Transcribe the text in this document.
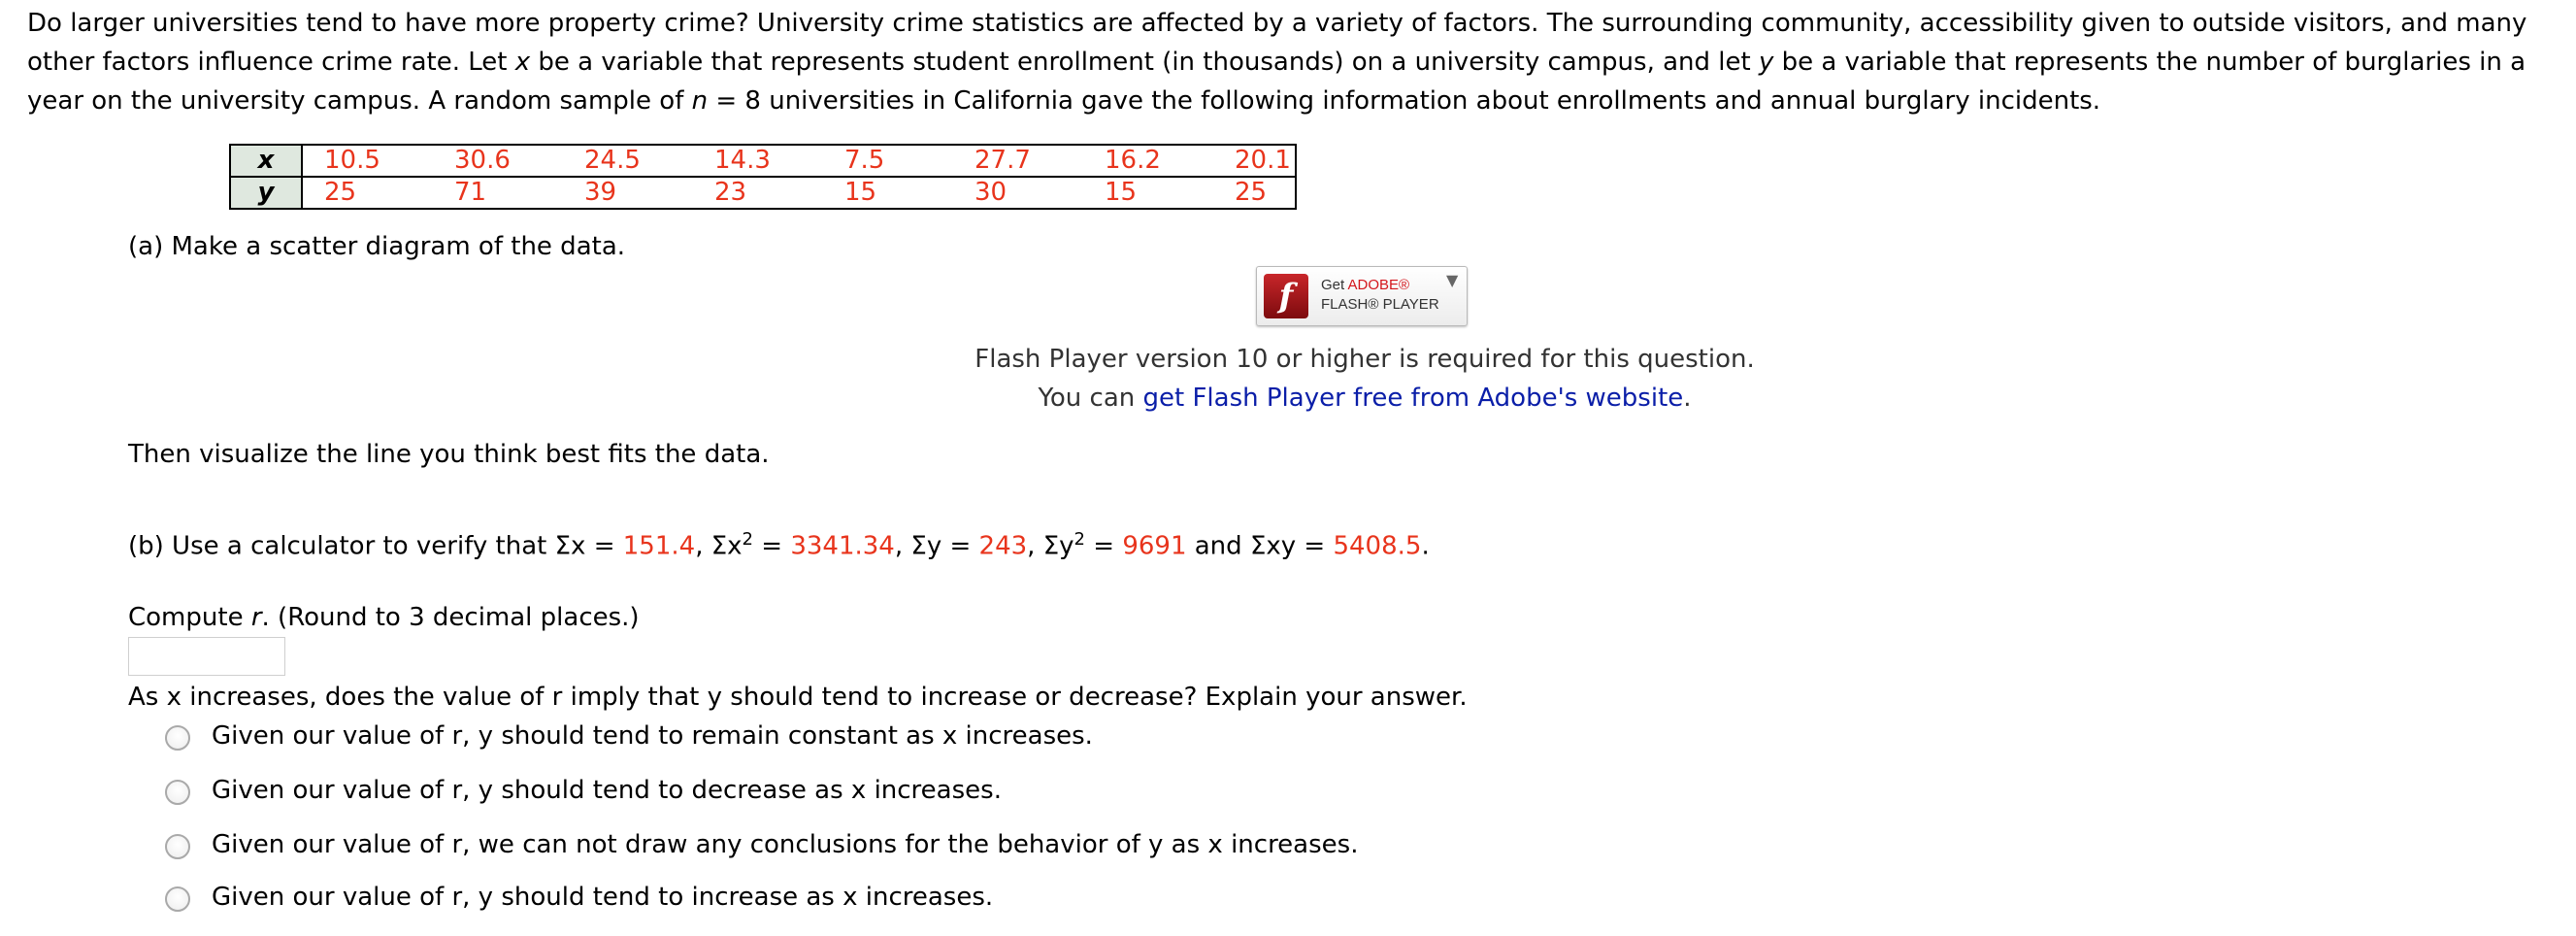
Do larger universities tend to have more property crime? University crime statistics are affected by a variety of factors. The surrounding community, accessibility given to outside visitors, and many other factors influence crime rate. Let x be a variable that represents student enrollment (in thousands) on a university campus, and let y be a variable that represents the number of burglaries in a year on the university campus. A random sample of n = 8 universities in California gave the following information about enrollments and annual burglary incidents.

x	10.5	30.6	24.5	14.3	7.5	27.7	16.2	20.1
y	25	71	39	23	15	30	15	25
(a) Make a scatter diagram of the data.
f	Get ADOBE®
FLASH® PLAYER
▼
Flash Player version 10 or higher is required for this question.
You can get Flash Player free from Adobe's website.
Then visualize the line you think best fits the data.
(b) Use a calculator to verify that Σx = 151.4, $\Sigma x^2 = 3341.34$, Σy = 243, $\Sigma y^2 = 9691$ and Σxy = 5408.5.
Compute r. (Round to 3 decimal places.)
As x increases, does the value of r imply that y should tend to increase or decrease? Explain your answer.
Given our value of r, y should tend to remain constant as x increases.
Given our value of r, y should tend to decrease as x increases.
Given our value of r, we can not draw any conclusions for the behavior of y as x increases.
Given our value of r, y should tend to increase as x increases.
